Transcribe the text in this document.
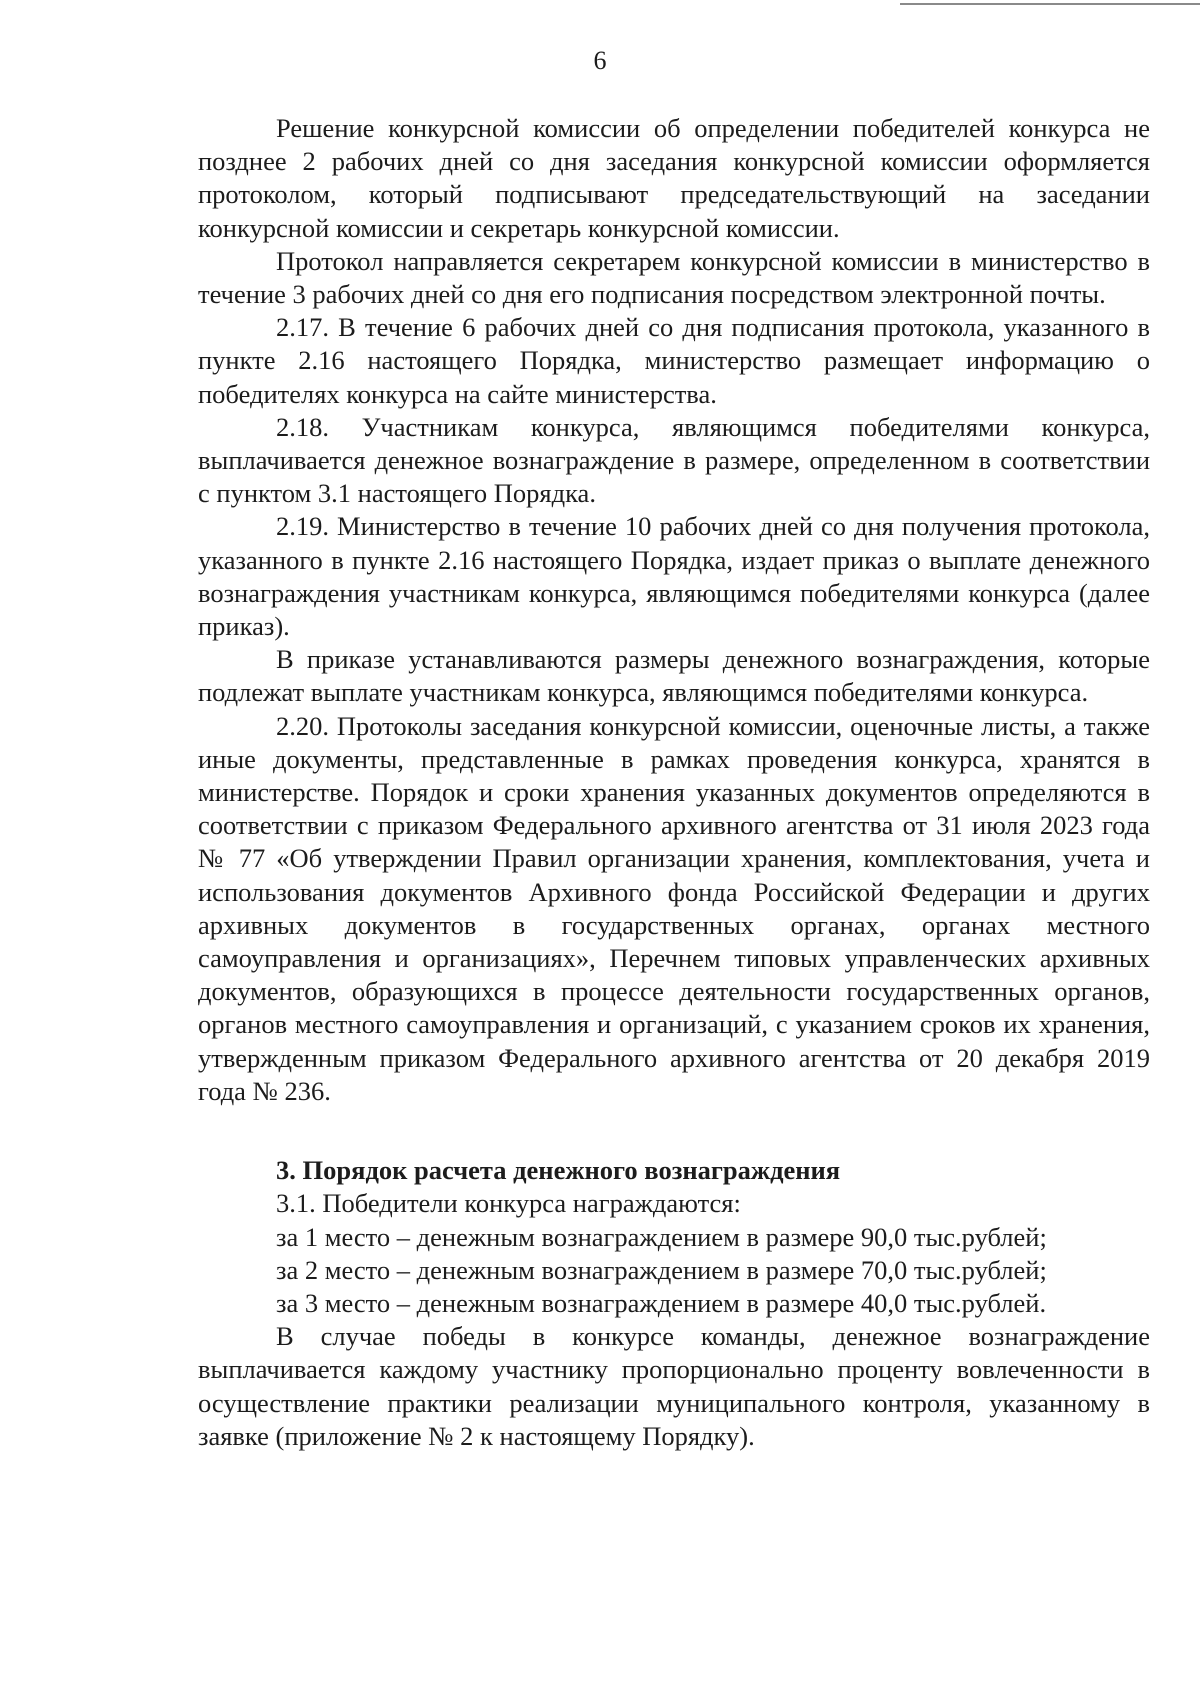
6

Решение конкурсной комиссии об определении победителей конкурса не позднее 2 рабочих дней со дня заседания конкурсной комиссии оформляется протоколом, который подписывают председательствующий на заседании конкурсной комиссии и секретарь конкурсной комиссии.

Протокол направляется секретарем конкурсной комиссии в министерство в течение 3 рабочих дней со дня его подписания посредством электронной почты.

2.17. В течение 6 рабочих дней со дня подписания протокола, указанного в пункте 2.16 настоящего Порядка, министерство размещает информацию о победителях конкурса на сайте министерства.

2.18. Участникам конкурса, являющимся победителями конкурса, выплачивается денежное вознаграждение в размере, определенном в соответствии с пунктом 3.1 настоящего Порядка.

2.19. Министерство в течение 10 рабочих дней со дня получения протокола, указанного в пункте 2.16 настоящего Порядка, издает приказ о выплате денежного вознаграждения участникам конкурса, являющимся победителями конкурса (далее приказ).

В приказе устанавливаются размеры денежного вознаграждения, которые подлежат выплате участникам конкурса, являющимся победителями конкурса.

2.20. Протоколы заседания конкурсной комиссии, оценочные листы, а также иные документы, представленные в рамках проведения конкурса, хранятся в министерстве. Порядок и сроки хранения указанных документов определяются в соответствии с приказом Федерального архивного агентства от 31 июля 2023 года № 77 «Об утверждении Правил организации хранения, комплектования, учета и использования документов Архивного фонда Российской Федерации и других архивных документов в государственных органах, органах местного самоуправления и организациях», Перечнем типовых управленческих архивных документов, образующихся в процессе деятельности государственных органов, органов местного самоуправления и организаций, с указанием сроков их хранения, утвержденным приказом Федерального архивного агентства от 20 декабря 2019 года № 236.

3. Порядок расчета денежного вознаграждения
3.1. Победители конкурса награждаются:
за 1 место – денежным вознаграждением в размере 90,0 тыс.рублей;
за 2 место – денежным вознаграждением в размере 70,0 тыс.рублей;
за 3 место – денежным вознаграждением в размере 40,0 тыс.рублей.

В случае победы в конкурсе команды, денежное вознаграждение выплачивается каждому участнику пропорционально проценту вовлеченности в осуществление практики реализации муниципального контроля, указанному в заявке (приложение № 2 к настоящему Порядку).
